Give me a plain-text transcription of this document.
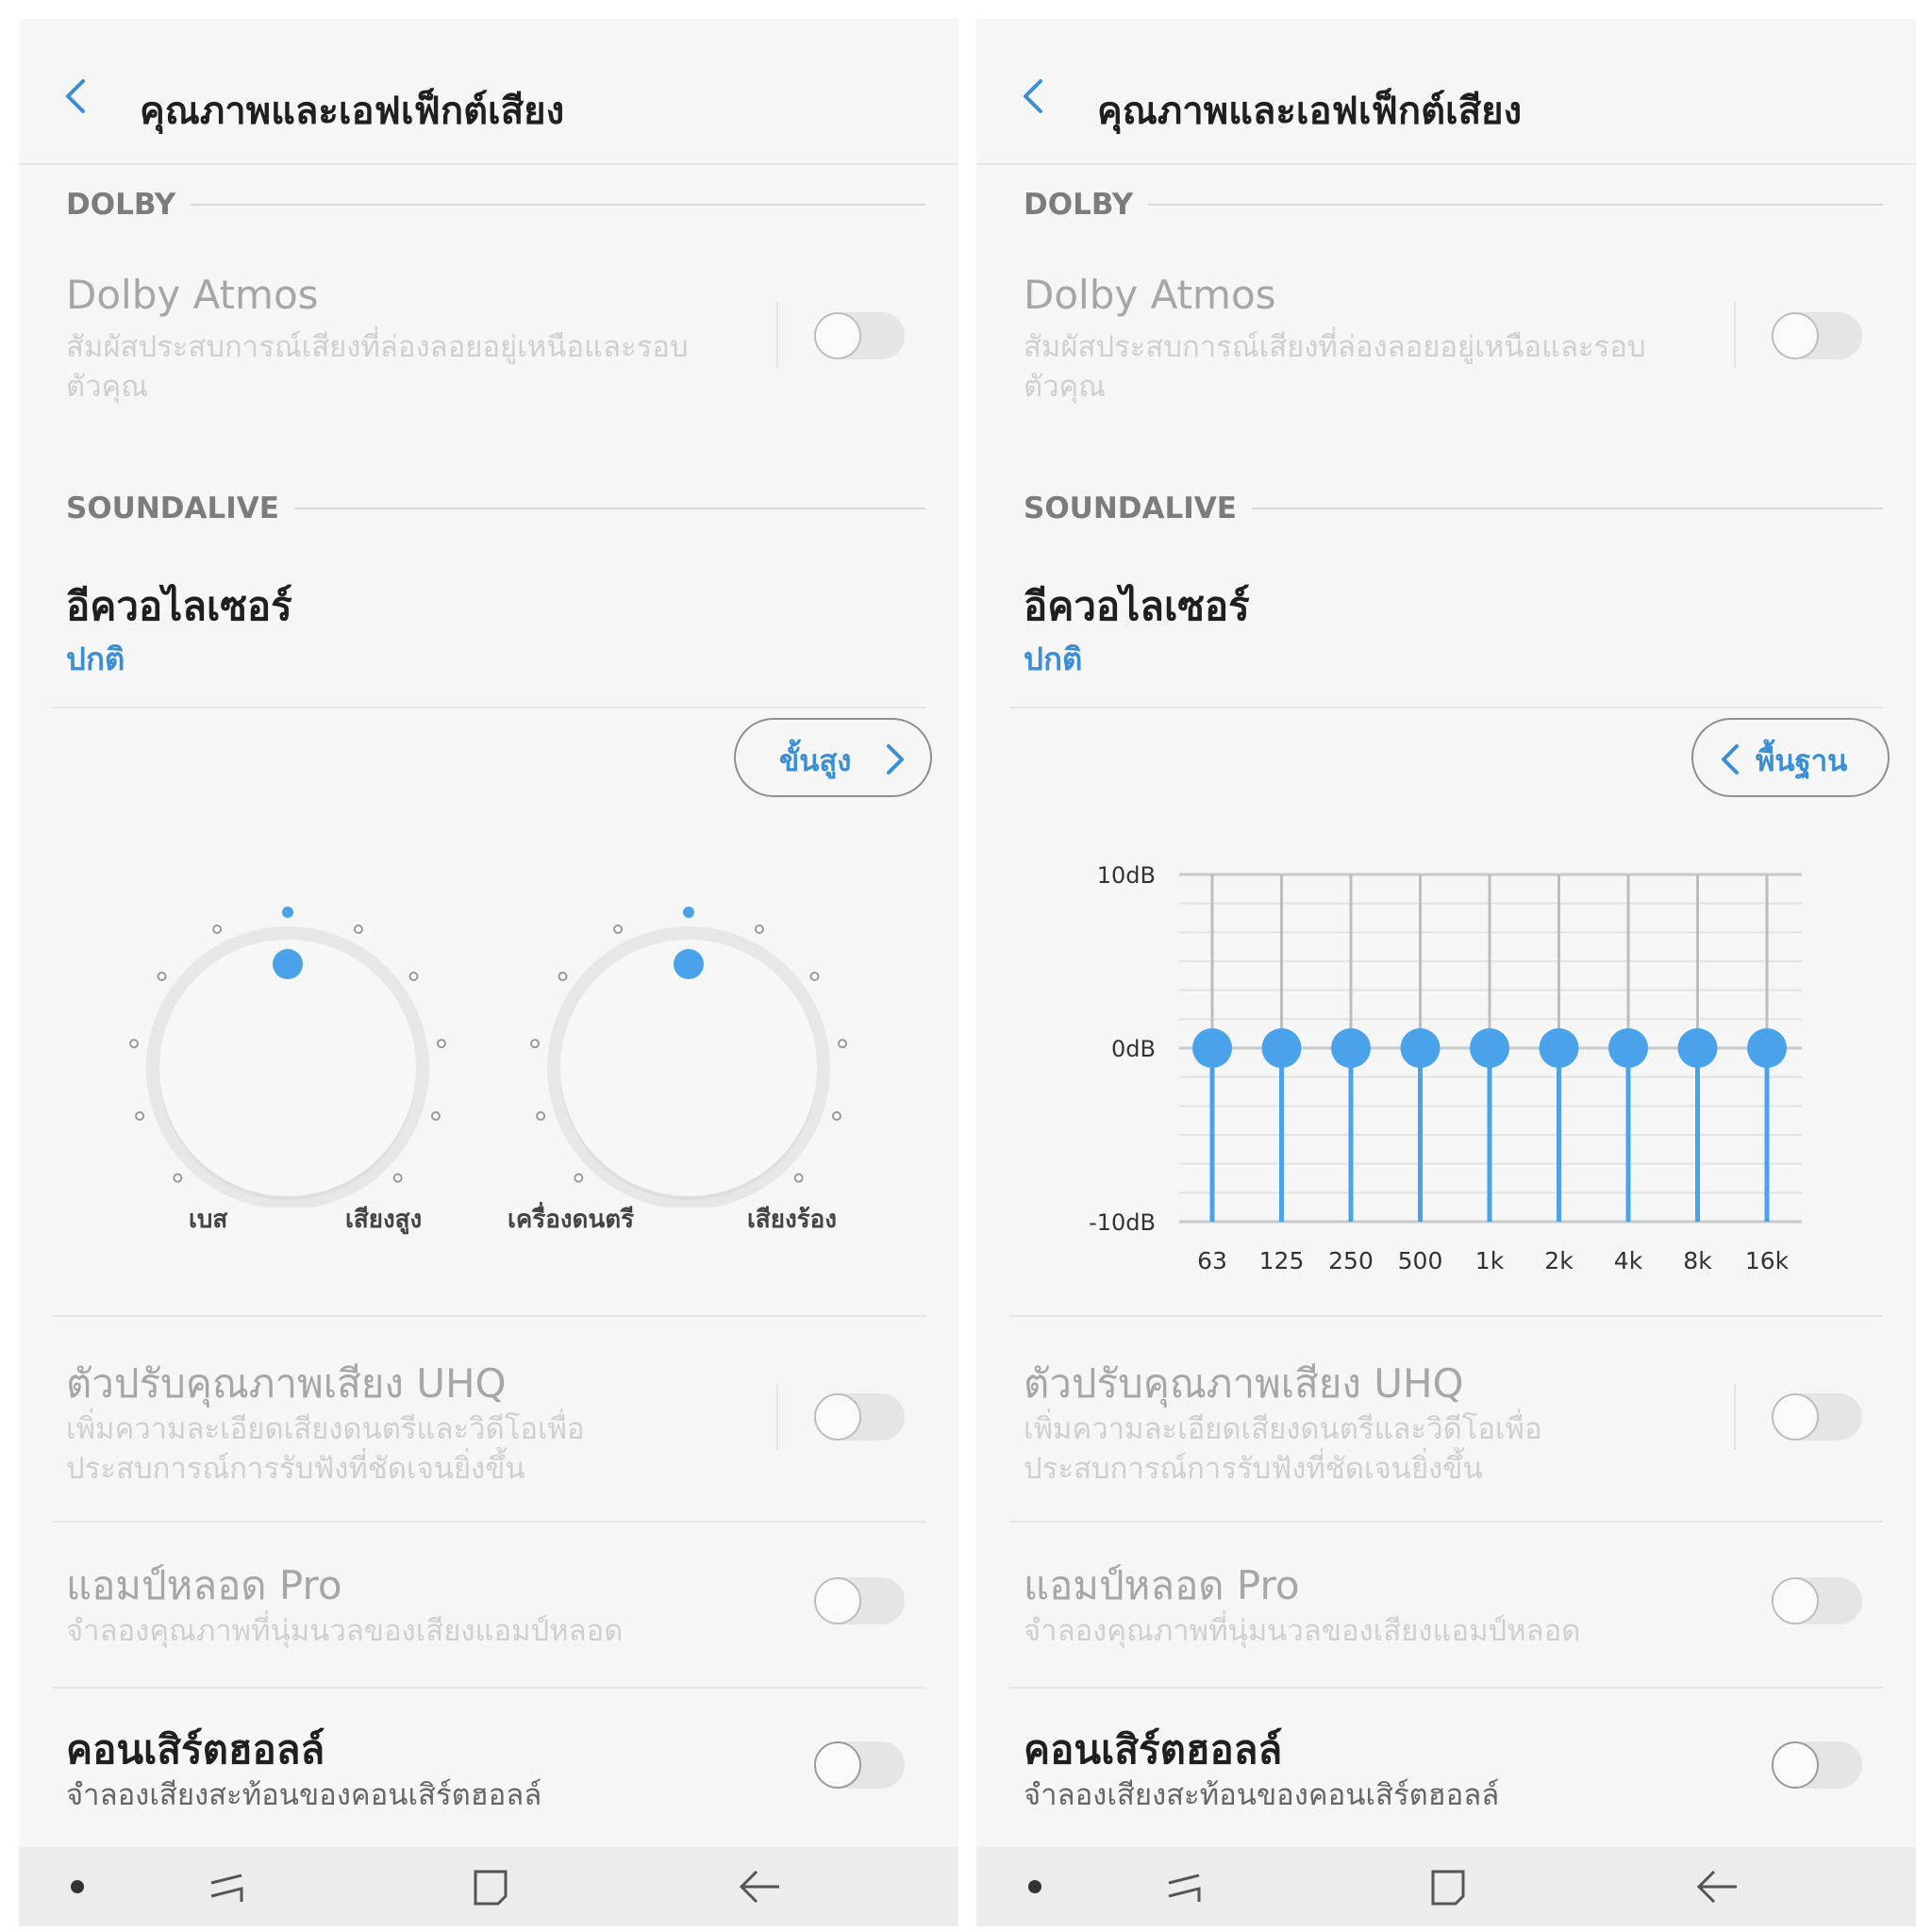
คุณภาพและเอฟเฟ็กต์เสียง
DOLBY
Dolby Atmos
สัมผัสประสบการณ์เสียงที่ล่องลอยอยู่เหนือและรอบตัวคุณ
SOUNDALIVE
อีควอไลเซอร์
ปกติ
ขั้นสูง
เบส	เสียงสูง	เครื่องดนตรี	เสียงร้อง
ตัวปรับคุณภาพเสียง UHQ
เพิ่มความละเอียดเสียงดนตรีและวิดีโอเพื่อประสบการณ์การรับฟังที่ชัดเจนยิ่งขึ้น
แอมป์หลอด Pro
จำลองคุณภาพที่นุ่มนวลของเสียงแอมป์หลอด
คอนเสิร์ตฮอลล์
จำลองเสียงสะท้อนของคอนเสิร์ตฮอลล์
คุณภาพและเอฟเฟ็กต์เสียง
DOLBY
Dolby Atmos
สัมผัสประสบการณ์เสียงที่ล่องลอยอยู่เหนือและรอบตัวคุณ
SOUNDALIVE
อีควอไลเซอร์
ปกติ
พื้นฐาน
10dB
0dB
-10dB
63 125 250 500 1k 2k 4k 8k 16k
ตัวปรับคุณภาพเสียง UHQ
เพิ่มความละเอียดเสียงดนตรีและวิดีโอเพื่อประสบการณ์การรับฟังที่ชัดเจนยิ่งขึ้น
แอมป์หลอด Pro
จำลองคุณภาพที่นุ่มนวลของเสียงแอมป์หลอด
คอนเสิร์ตฮอลล์
จำลองเสียงสะท้อนของคอนเสิร์ตฮอลล์
